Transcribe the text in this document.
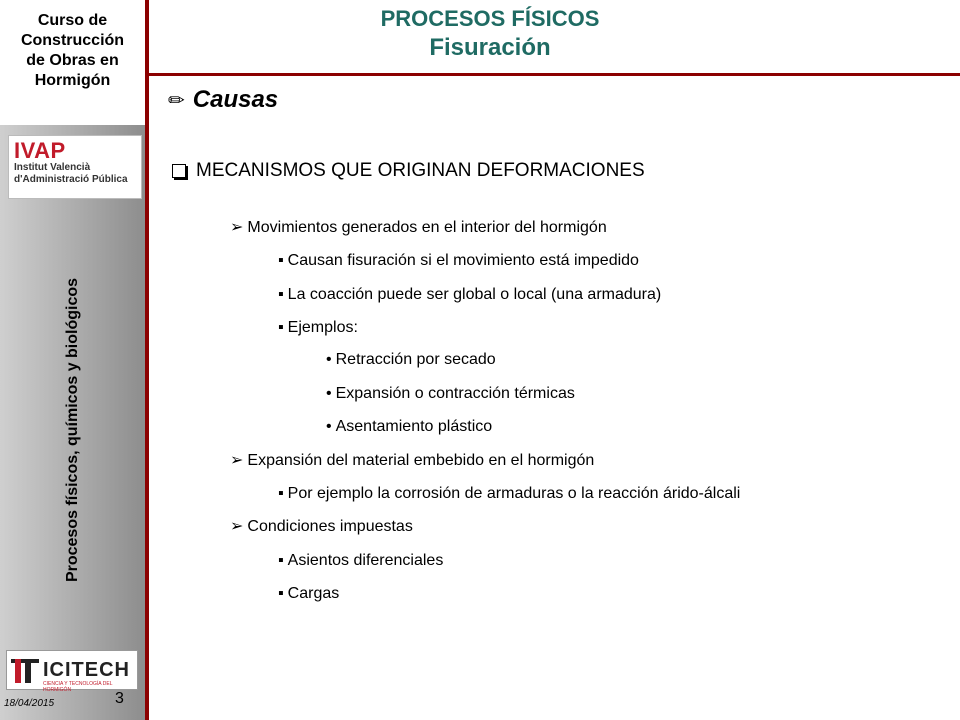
Curso de
Construcción
de Obras en
Hormigón
IVAP
Institut Valencià
d'Administració Pública
Procesos físicos, químicos y biológicos
ICITECH
CIENCIA Y TECNOLOGÍA DEL HORMIGÓN
18/04/2015	3
PROCESOS FÍSICOS
Fisuración
✏ Causas
MECANISMOS QUE ORIGINAN DEFORMACIONES
➢ Movimientos generados en el interior del hormigón
▪ Causan fisuración si el movimiento está impedido
▪ La coacción puede ser global o local (una armadura)
▪ Ejemplos:
• Retracción por secado
• Expansión o contracción térmicas
• Asentamiento plástico
➢ Expansión del material embebido en el hormigón
▪ Por ejemplo la corrosión de armaduras o la reacción árido-álcali
➢ Condiciones impuestas
▪ Asientos diferenciales
▪ Cargas
